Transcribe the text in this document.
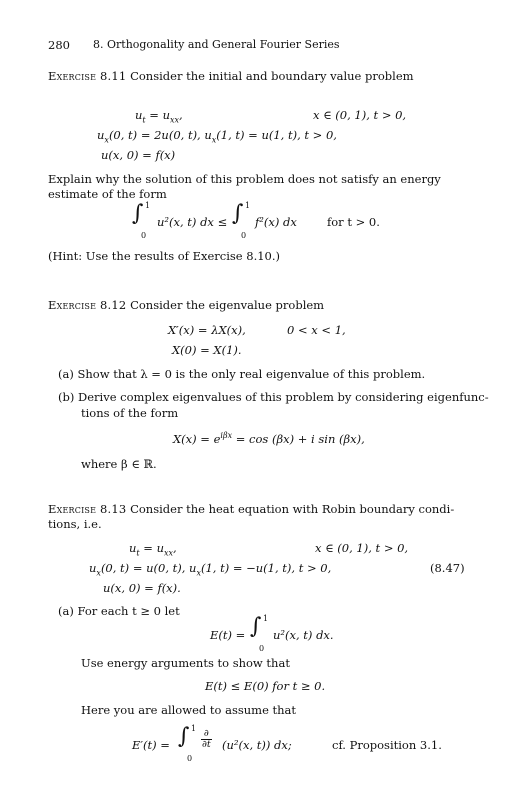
280 8. Orthogonality and General Fourier Series
Exercise 8.11 Consider the initial and boundary value problem
$u_t = u_{xx}$,	x ∈ (0, 1), t > 0,
$u_x(0$, t) = 2u(0, t), $u_x(1$, t) = u(1, t), t > 0,
u(x, 0) = f(x)
Explain why the solution of this problem does not satisfy an energy
estimate of the form
∫ 1
0
u²(x, t) dx ≤ ∫ 1
0
f²(x) dx	for t > 0.
(Hint: Use the results of Exercise 8.10.)
Exercise 8.12 Consider the eigenvalue problem
X′(x) = λX(x),	0 < x < 1,
X(0) = X(1).
(a) Show that λ = 0 is the only real eigenvalue of this problem.
(b) Derive complex eigenvalues of this problem by considering eigenfunc-
tions of the form
$X(x) = e^{i\beta x} = \cos (\beta x) + i$ sin (βx),
where β ∈ ℝ.
Exercise 8.13 Consider the heat equation with Robin boundary condi-
tions, i.e.
$u_t = u_{xx}$,	x ∈ (0, 1), t > 0,
$u_x(0$, t) = u(0, t), $u_x(1$, t) = −u(1, t), t > 0,	(8.47)
u(x, 0) = f(x).
(a) For each t ≥ 0 let
E(t) = ∫ 1
0
u²(x, t) dx.
Use energy arguments to show that
E(t) ≤ E(0) for t ≥ 0.
Here you are allowed to assume that
E′(t) = ∫ 1
0
$\frac{\partial}{\partial t} (u^2(x$, t)) dx;	cf. Proposition 3.1.
